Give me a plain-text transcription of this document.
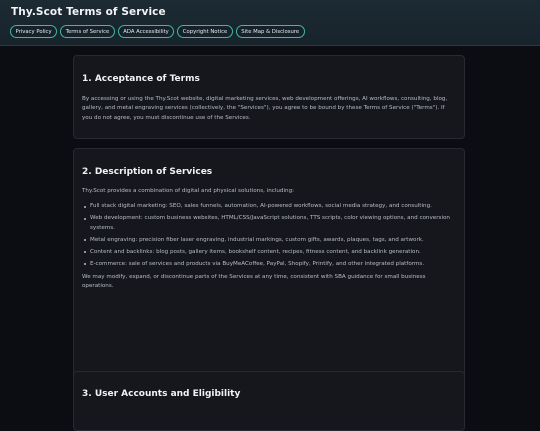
Thy.Scot Terms of Service
Privacy Policy	Terms of Service	ADA Accessibility	Copyright Notice	Site Map & Disclosure
1. Acceptance of Terms

By accessing or using the Thy.Scot website, digital marketing services, web development offerings, AI workflows, consulting, blog, gallery, and metal engraving services (collectively, the "Services"), you agree to be bound by these Terms of Service ("Terms"). If you do not agree, you must discontinue use of the Services.

2. Description of Services

Thy.Scot provides a combination of digital and physical solutions, including:

Full stack digital marketing: SEO, sales funnels, automation, AI-powered workflows, social media strategy, and consulting.
Web development: custom business websites, HTML/CSS/JavaScript solutions, TTS scripts, color viewing options, and conversion systems.
Metal engraving: precision fiber laser engraving, industrial markings, custom gifts, awards, plaques, tags, and artwork.
Content and backlinks: blog posts, gallery items, bookshelf content, recipes, fitness content, and backlink generation.
E-commerce: sale of services and products via BuyMeACoffee, PayPal, Shopify, Printify, and other integrated platforms.

We may modify, expand, or discontinue parts of the Services at any time, consistent with SBA guidance for small business operations.

3. User Accounts and Eligibility
